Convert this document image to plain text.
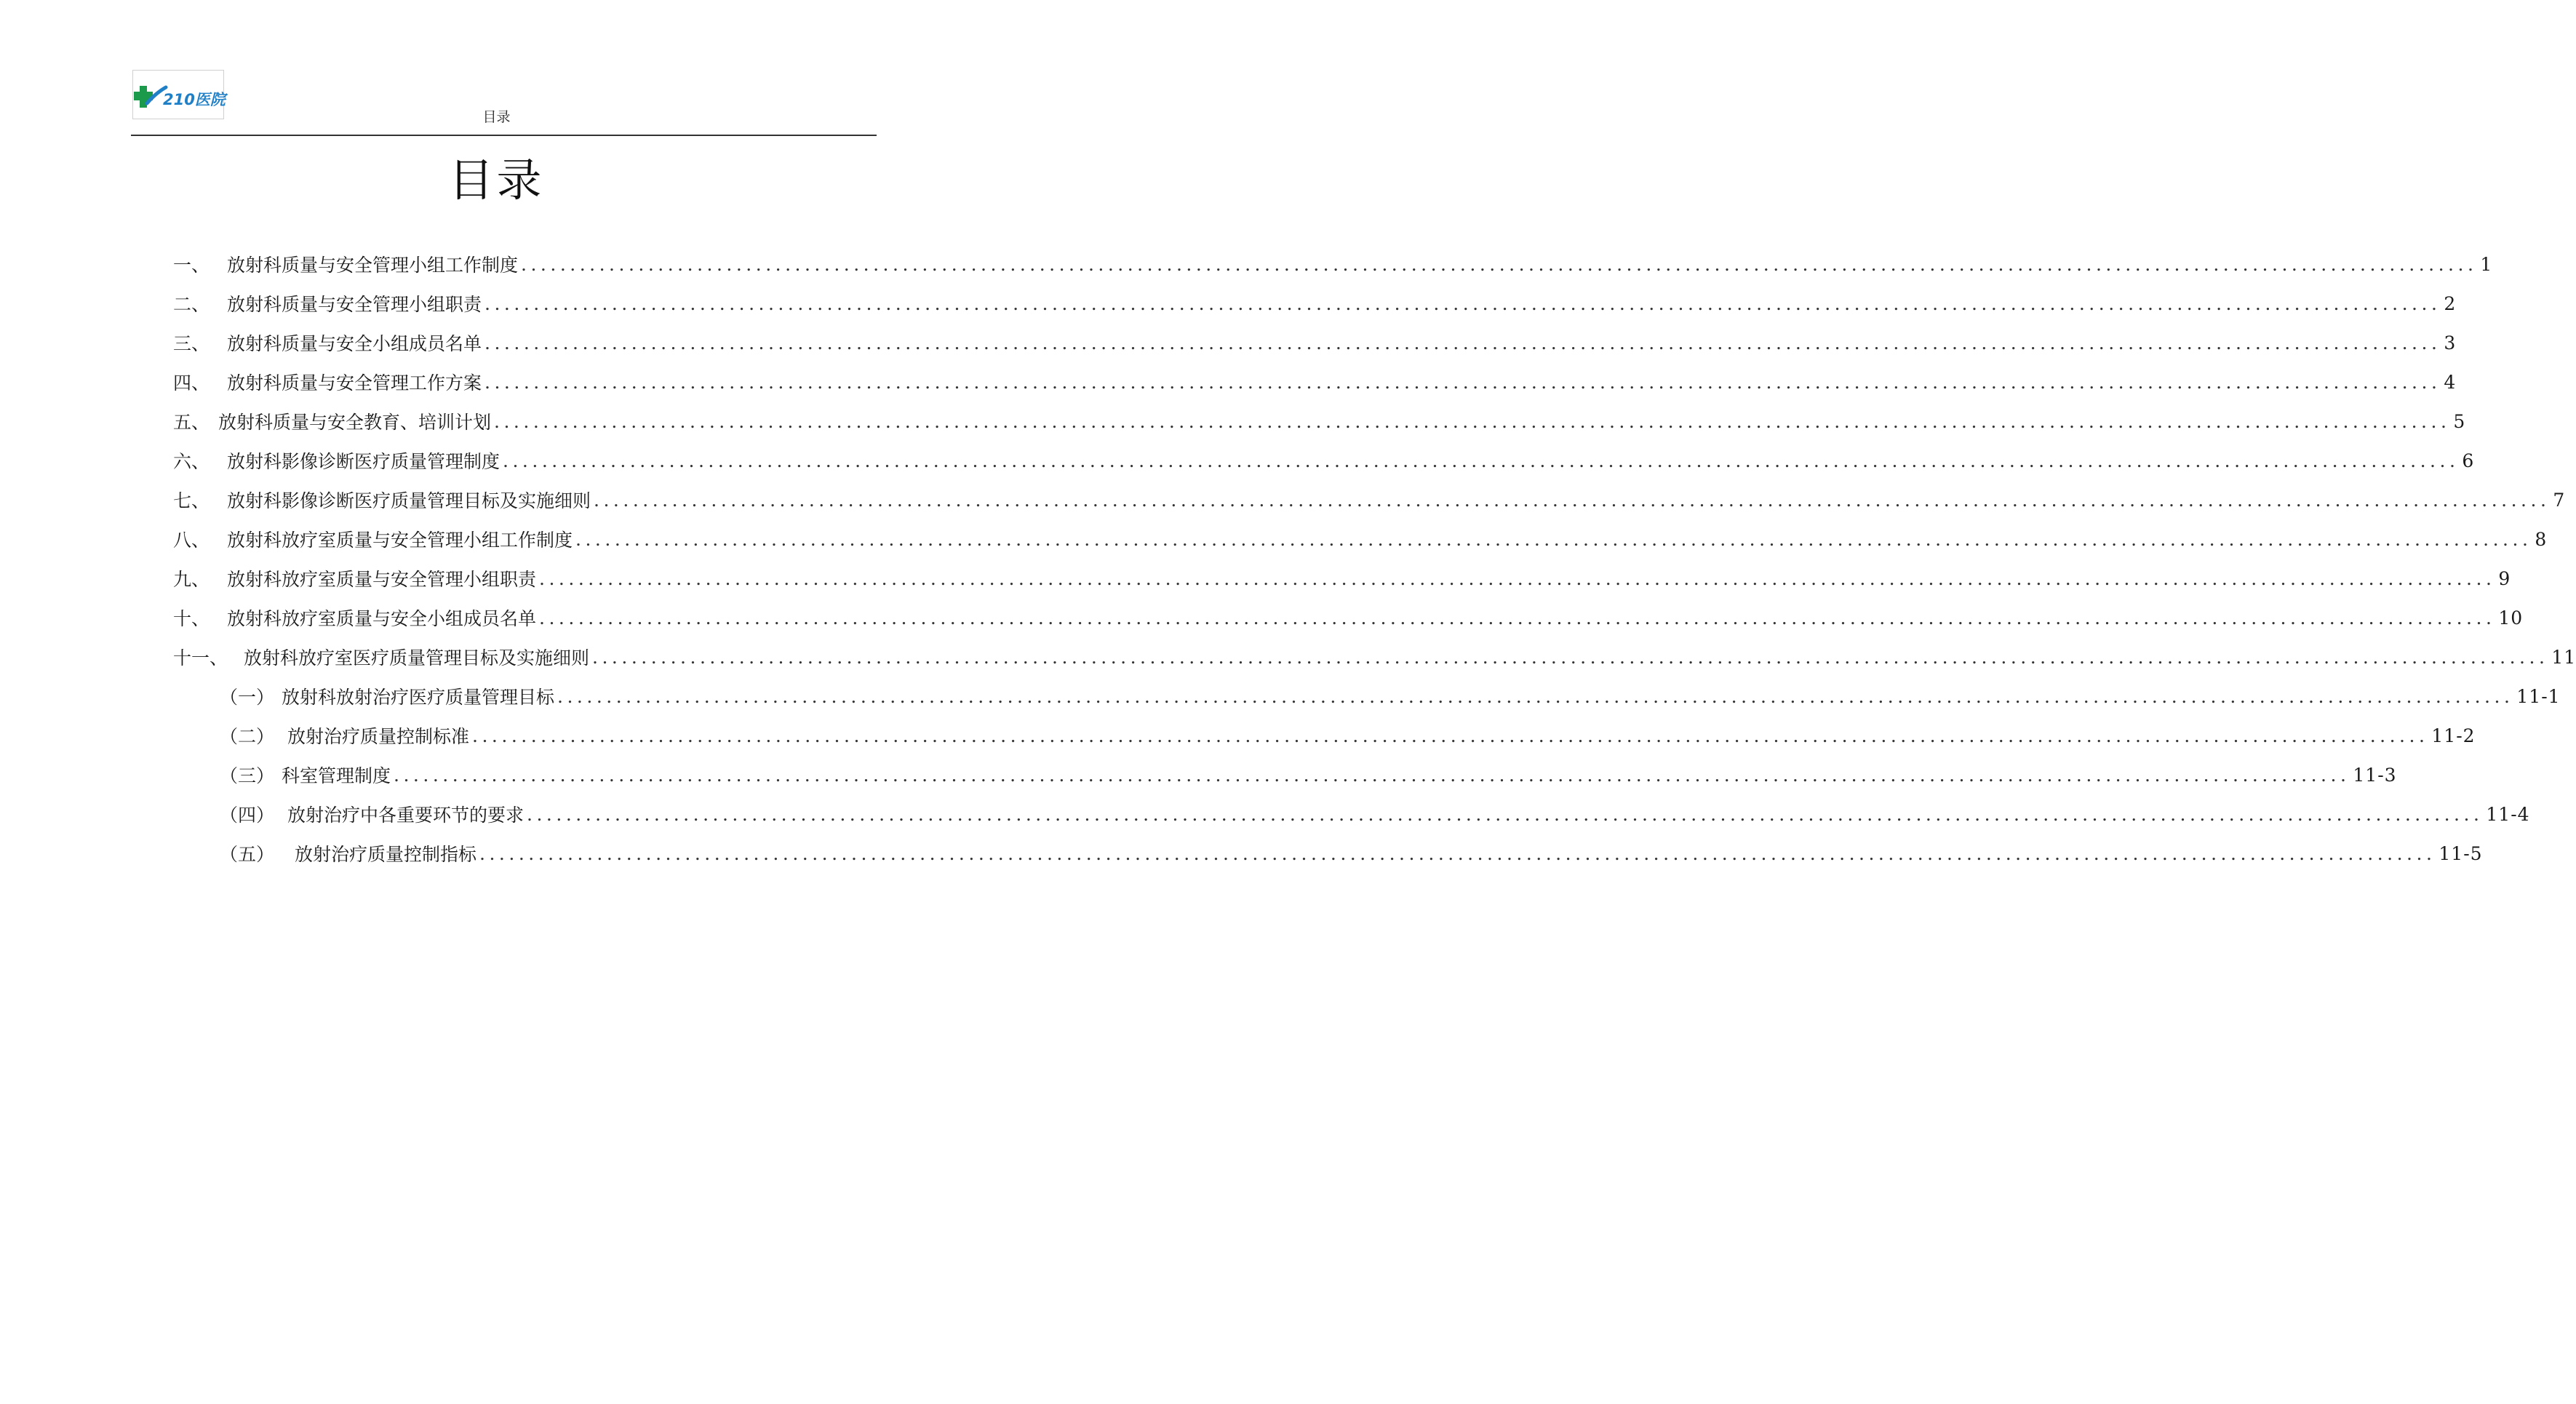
210医院
目录
目录
一、 放射科质量与安全管理小组工作制度 ........................................................................................................................................................................................................ 1
二、 放射科质量与安全管理小组职责 ........................................................................................................................................................................................................ 2
三、 放射科质量与安全小组成员名单 ........................................................................................................................................................................................................ 3
四、 放射科质量与安全管理工作方案 ........................................................................................................................................................................................................ 4
五、 放射科质量与安全教育、培训计划 ........................................................................................................................................................................................................ 5
六、 放射科影像诊断医疗质量管理制度 ........................................................................................................................................................................................................ 6
七、 放射科影像诊断医疗质量管理目标及实施细则 ........................................................................................................................................................................................................ 7
八、 放射科放疗室质量与安全管理小组工作制度 ........................................................................................................................................................................................................ 8
九、 放射科放疗室质量与安全管理小组职责 ........................................................................................................................................................................................................ 9
十、 放射科放疗室质量与安全小组成员名单 ........................................................................................................................................................................................................ 10
十一、 放射科放疗室医疗质量管理目标及实施细则 ........................................................................................................................................................................................................ 11
（一） 放射科放射治疗医疗质量管理目标 ........................................................................................................................................................................................................ 11-1
（二） 放射治疗质量控制标准 ........................................................................................................................................................................................................ 11-2
（三） 科室管理制度 ........................................................................................................................................................................................................ 11-3
（四） 放射治疗中各重要环节的要求 ........................................................................................................................................................................................................ 11-4
（五） 放射治疗质量控制指标 ........................................................................................................................................................................................................ 11-5
